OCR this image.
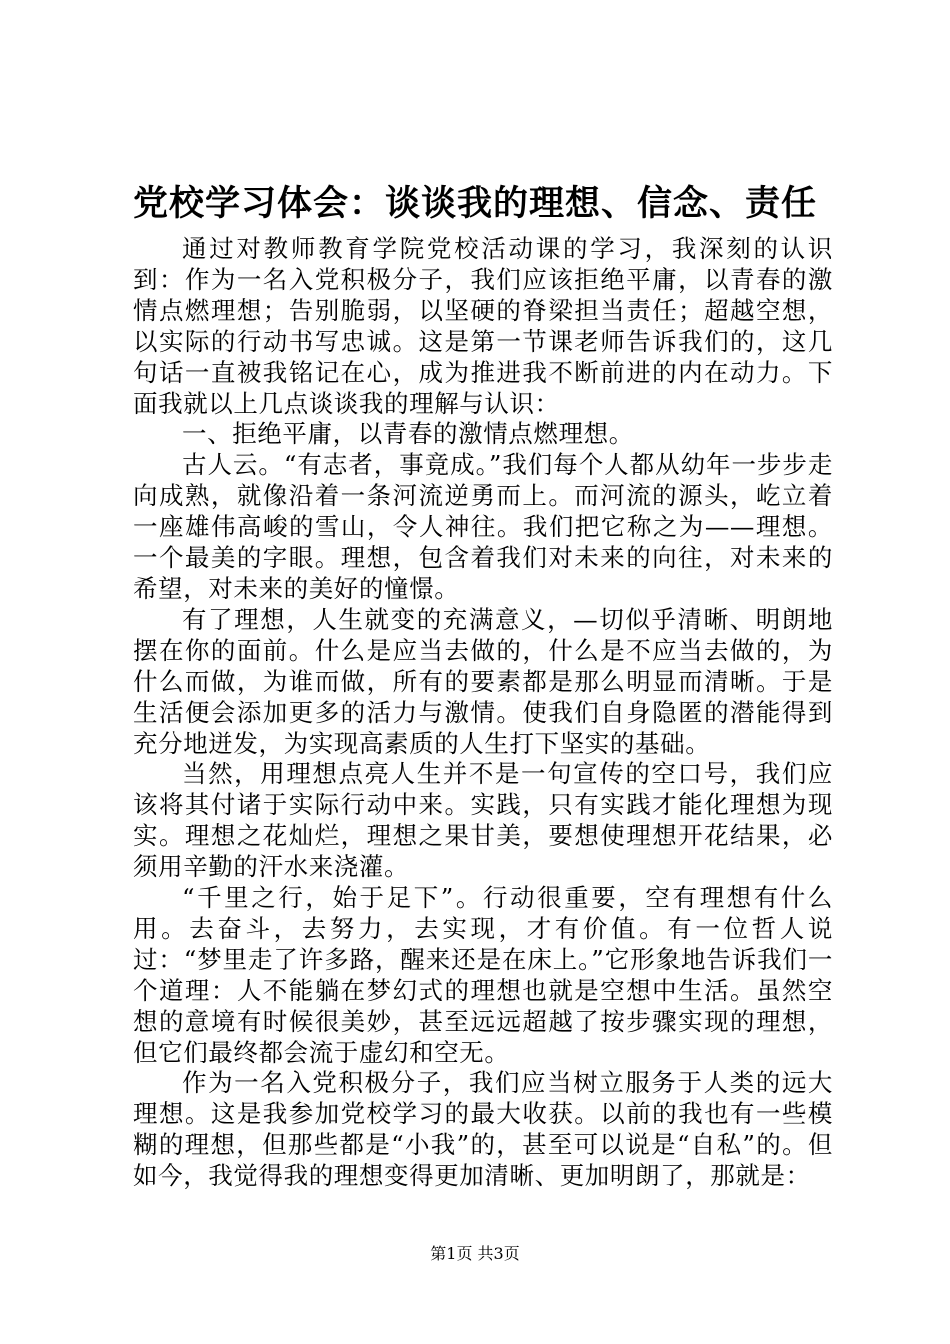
党校学习体会：谈谈我的理想、信念、责任

通过对教师教育学院党校活动课的学习，我深刻的认识到：作为一名入党积极分子，我们应该拒绝平庸，以青春的激情点燃理想；告别脆弱，以坚硬的脊梁担当责任；超越空想，以实际的行动书写忠诚。这是第一节课老师告诉我们的，这几句话一直被我铭记在心，成为推进我不断前进的内在动力。下面我就以上几点谈谈我的理解与认识：

一、拒绝平庸，以青春的激情点燃理想。

古人云。“有志者，事竟成。”我们每个人都从幼年一步步走向成熟，就像沿着一条河流逆勇而上。而河流的源头，屹立着一座雄伟高峻的雪山，令人神往。我们把它称之为——理想。一个最美的字眼。理想，包含着我们对未来的向往，对未来的希望，对未来的美好的憧憬。

有了理想，人生就变的充满意义，—切似乎清晰、明朗地摆在你的面前。什么是应当去做的，什么是不应当去做的，为什么而做，为谁而做，所有的要素都是那么明显而清晰。于是生活便会添加更多的活力与激情。使我们自身隐匿的潜能得到充分地迸发，为实现高素质的人生打下坚实的基础。

当然，用理想点亮人生并不是一句宣传的空口号，我们应该将其付诸于实际行动中来。实践，只有实践才能化理想为现实。理想之花灿烂，理想之果甘美，要想使理想开花结果，必须用辛勤的汗水来浇灌。

“千里之行，始于足下”。行动很重要，空有理想有什么用。去奋斗，去努力，去实现，才有价值。有一位哲人说过：“梦里走了许多路，醒来还是在床上。”它形象地告诉我们一个道理：人不能躺在梦幻式的理想也就是空想中生活。虽然空想的意境有时候很美妙，甚至远远超越了按步骤实现的理想，但它们最终都会流于虚幻和空无。

作为一名入党积极分子，我们应当树立服务于人类的远大理想。这是我参加党校学习的最大收获。以前的我也有一些模糊的理想，但那些都是“小我”的，甚至可以说是“自私”的。但如今，我觉得我的理想变得更加清晰、更加明朗了，那就是：

第1页 共3页
